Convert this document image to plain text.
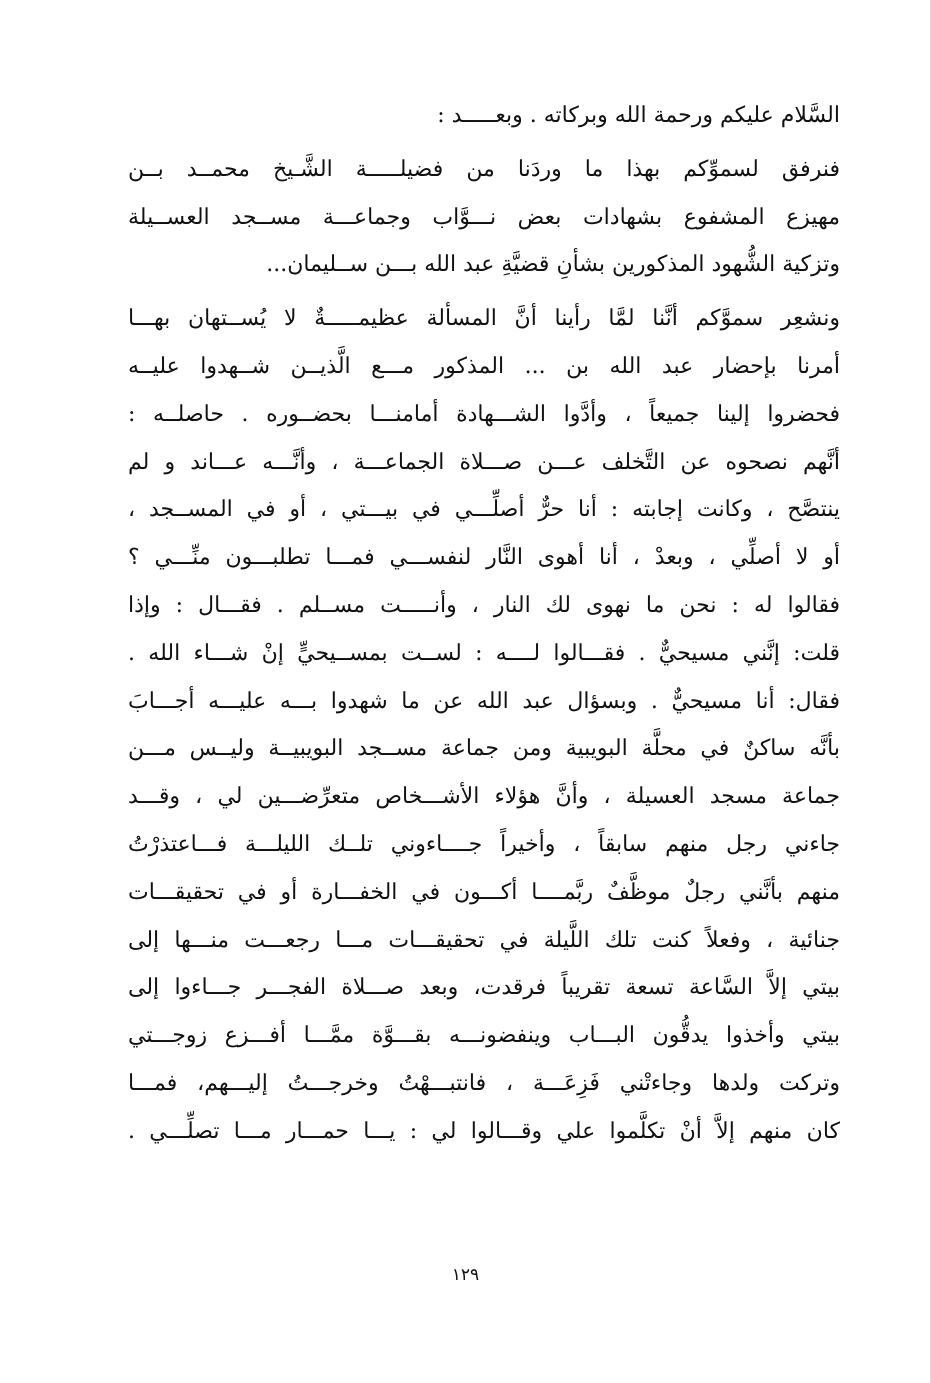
السَّلام عليكم ورحمة الله وبركاته . وبعـــــد :
فنرفق لسموِّكم بهذا ما وردَنا من فضيلـــــة الشَّـيخ محمــد بــن
مهيزع المشفوع بشهادات بعض نـــوَّاب وجماعـــة مســجد العســيلة
وتزكية الشُّهود المذكورين بشأنِ قضيَّةِ عبد الله بـــن ســليمان...
ونشعِر سموَّكم أنَّنا لمَّا رأينا أنَّ المسألة عظيمـــــةٌ لا يُســتهان بهـــا
أمرنا بإحضار عبد الله بن ... المذكور مـــع الَّذيــن شــهدوا عليــه
فحضروا إلينا جميعاً ، وأدَّوا الشـــهادة أمامنـــا بحضــوره . حاصلــه :
أنَّهم نصحوه عن التَّخلف عـــن صـــلاة الجماعـــة ، وأنَّـــه عـــاند و لم
ينتصَّح ، وكانت إجابته : أنا حرٌّ أصلِّـــي في بيـــتي ، أو في المســجد ،
أو لا أصلِّي ، وبعدْ ، أنا أهوى النَّار لنفســـي فمـــا تطلبـــون منِّـــي ؟
فقالوا له : نحن ما نهوى لك النار ، وأنـــــت مســلم . فقـــال : وإذا
قلت: إنَّني مسيحيٌّ . فقـــالوا لــــه : لســت بمســيحيٍّ إنْ شـــاء الله .
فقال: أنا مسيحيٌّ . وبسؤال عبد الله عن ما شهدوا بـــه عليـــه أجـــابَ
بأنَّه ساكنٌ في محلَّة البويبية ومن جماعة مســجد البويبيــة وليــس مـــن
جماعة مسجد العسيلة ، وأنَّ هؤلاء الأشـــخاص متعرِّضـــين لي ، وقـــد
جاءني رجل منهم سابقاً ، وأخيراً جــــاءوني تلــك الليلـــة فـــاعتذرْتُ
منهم بأنَّني رجلٌ موظَّفٌ ربَّمــــا أكـــون في الخفـــارة أو في تحقيقـــات
جنائية ، وفعلاً كنت تلك اللَّيلة في تحقيقـــات مـــا رجعـــت منـــها إلى
بيتي إلاَّ السَّاعة تسعة تقريباً فرقدت، وبعد صـــلاة الفجـــر جـــاءوا إلى
بيتي وأخذوا يدقُّون البـــاب وينفضونـــه بقـــوَّة ممَّـــا أفـــزع زوجـــتي
وتركت ولدها وجاءتْني فَزِعَـــة ، فانتبـــهْتُ وخرجـــتُ إليـــهم، فمـــا
كان منهم إلاَّ أنْ تكلَّموا علي وقـــالوا لي : يـــا حمـــار مـــا تصلِّـــي .
١٢٩
